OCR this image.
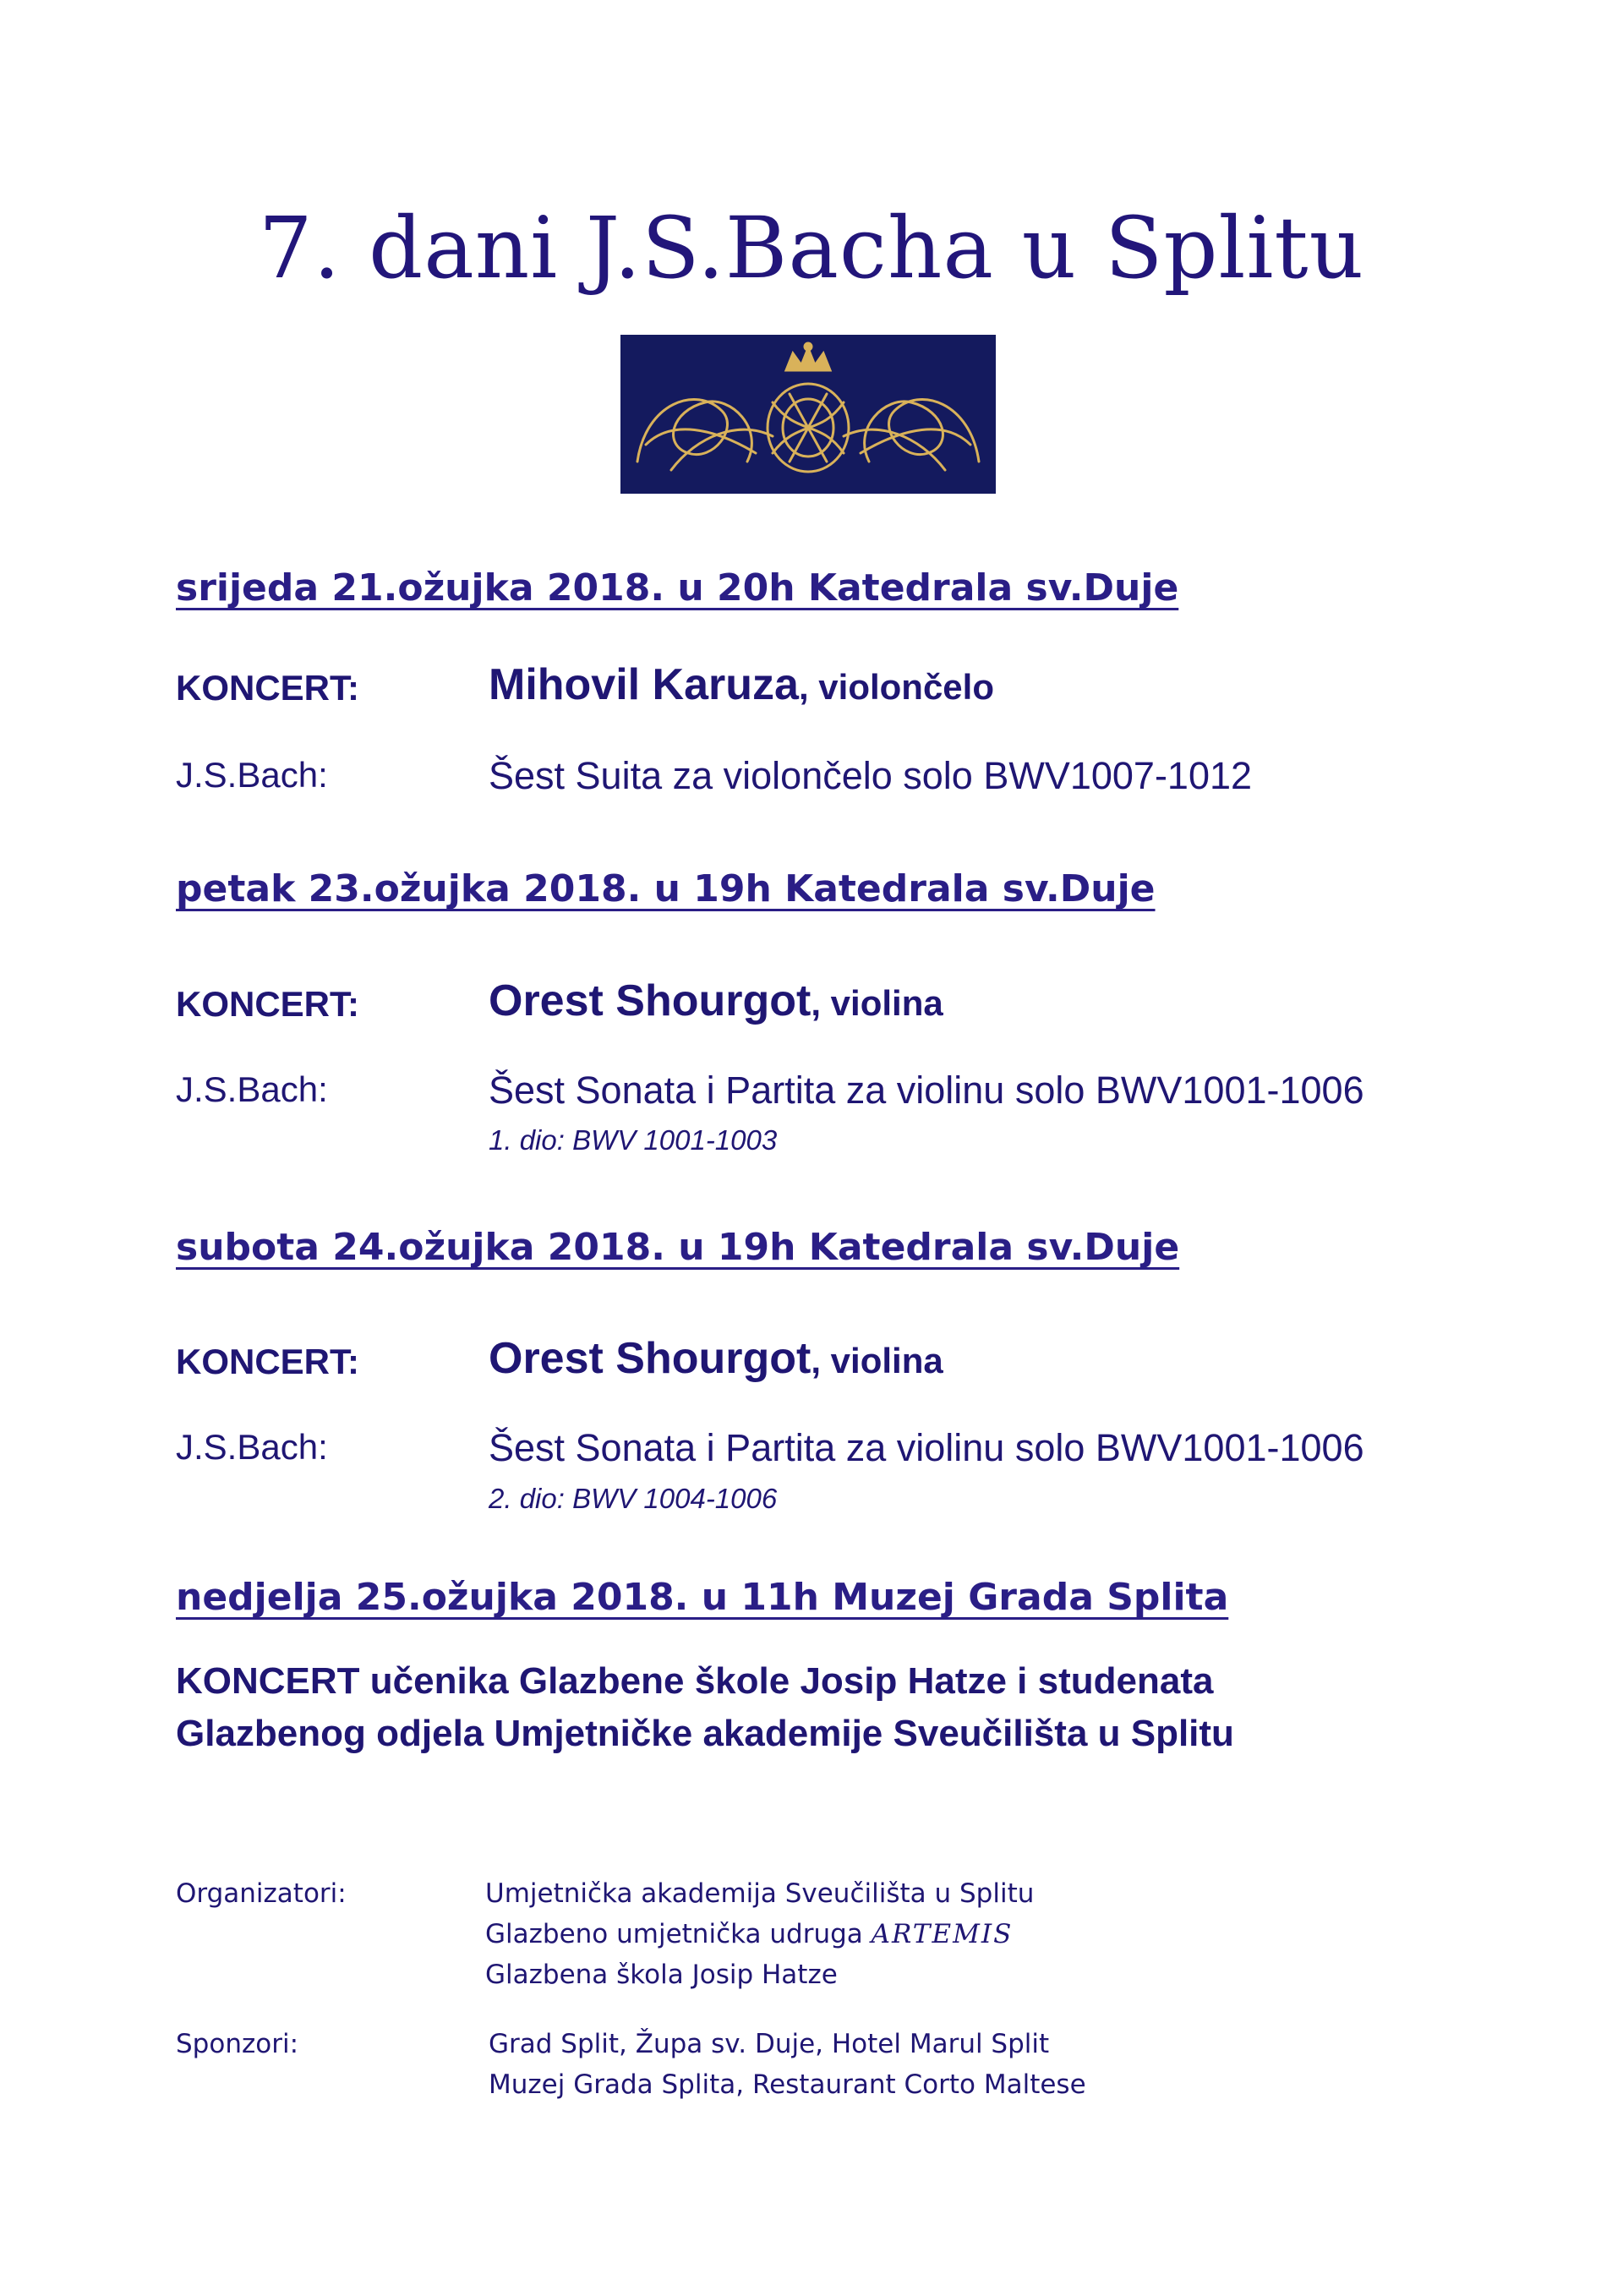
7. dani J.S.Bacha u Splitu
JSB
srijeda 21.ožujka 2018. u 20h Katedrala sv.Duje
KONCERT:	Mihovil Karuza, violončelo
J.S.Bach:	Šest Suita za violončelo solo BWV1007-1012
petak 23.ožujka 2018. u 19h Katedrala sv.Duje
KONCERT:	Orest Shourgot, violina
J.S.Bach:	Šest Sonata i Partita za violinu solo BWV1001-1006
1. dio: BWV 1001-1003
subota 24.ožujka 2018. u 19h Katedrala sv.Duje
KONCERT:	Orest Shourgot, violina
J.S.Bach:	Šest Sonata i Partita za violinu solo BWV1001-1006
2. dio: BWV 1004-1006
nedjelja 25.ožujka 2018. u 11h Muzej Grada Splita
KONCERT učenika Glazbene škole Josip Hatze i studenata
Glazbenog odjela Umjetničke akademije Sveučilišta u Splitu
Organizatori:	Umjetnička akademija Sveučilišta u Splitu
Glazbeno umjetnička udruga ARTEMIS
Glazbena škola Josip Hatze
Sponzori:	Grad Split, Župa sv. Duje, Hotel Marul Split
Muzej Grada Splita, Restaurant Corto Maltese
